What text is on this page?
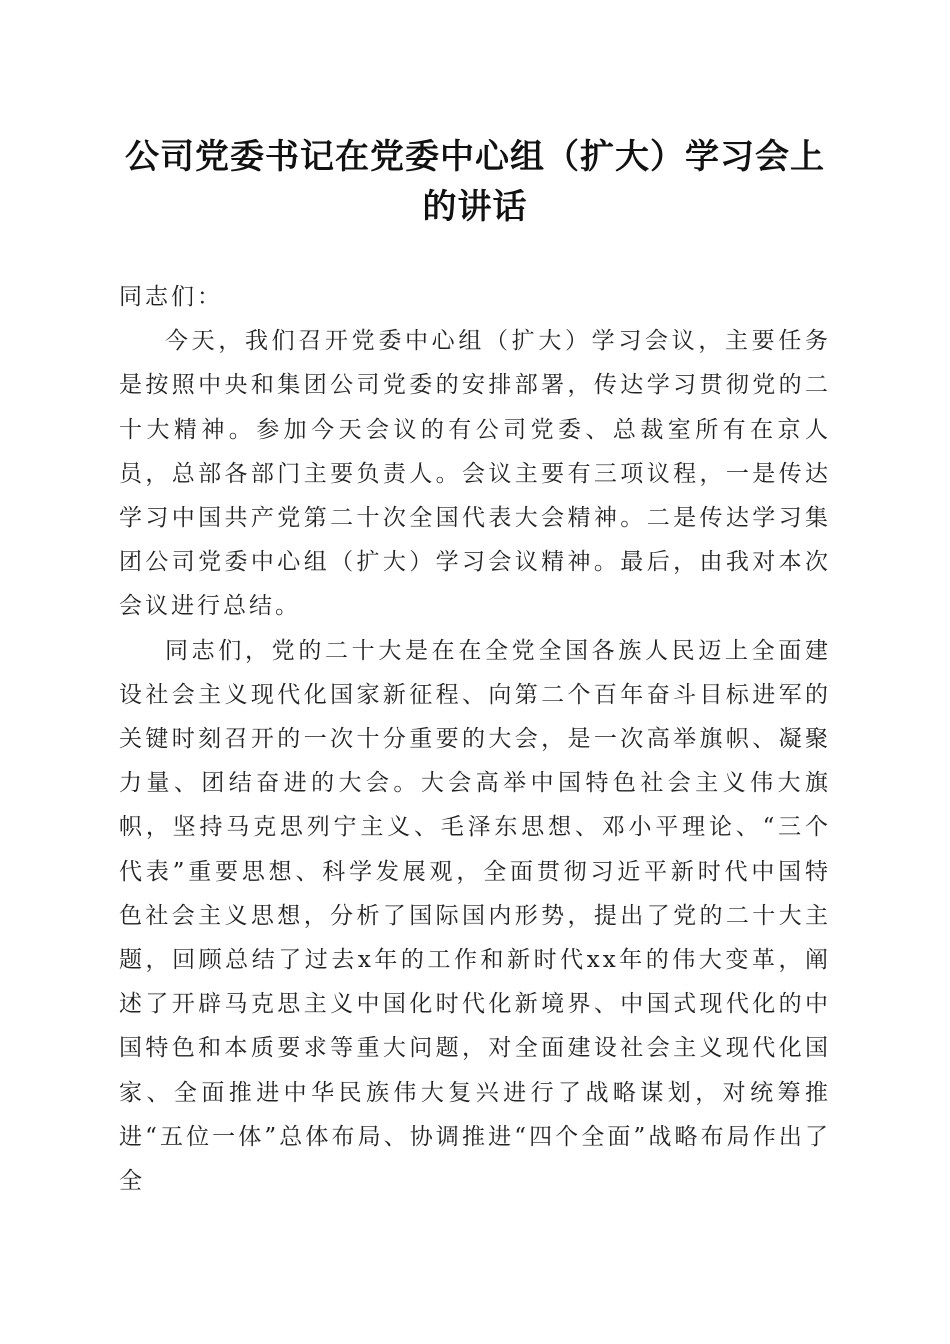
公司党委书记在党委中心组（扩大）学习会上
的讲话

同志们：

今天，我们召开党委中心组（扩大）学习会议，主要任务是按照中央和集团公司党委的安排部署，传达学习贯彻党的二十大精神。参加今天会议的有公司党委、总裁室所有在京人员，总部各部门主要负责人。会议主要有三项议程，一是传达学习中国共产党第二十次全国代表大会精神。二是传达学习集团公司党委中心组（扩大）学习会议精神。最后，由我对本次会议进行总结。

同志们，党的二十大是在在全党全国各族人民迈上全面建设社会主义现代化国家新征程、向第二个百年奋斗目标进军的关键时刻召开的一次十分重要的大会，是一次高举旗帜、凝聚力量、团结奋进的大会。大会高举中国特色社会主义伟大旗帜，坚持马克思列宁主义、毛泽东思想、邓小平理论、“三个代表”重要思想、科学发展观，全面贯彻习近平新时代中国特色社会主义思想，分析了国际国内形势，提出了党的二十大主题，回顾总结了过去x年的工作和新时代xx年的伟大变革，阐述了开辟马克思主义中国化时代化新境界、中国式现代化的中国特色和本质要求等重大问题，对全面建设社会主义现代化国家、全面推进中华民族伟大复兴进行了战略谋划，对统筹推进“五位一体”总体布局、协调推进“四个全面”战略布局作出了全
